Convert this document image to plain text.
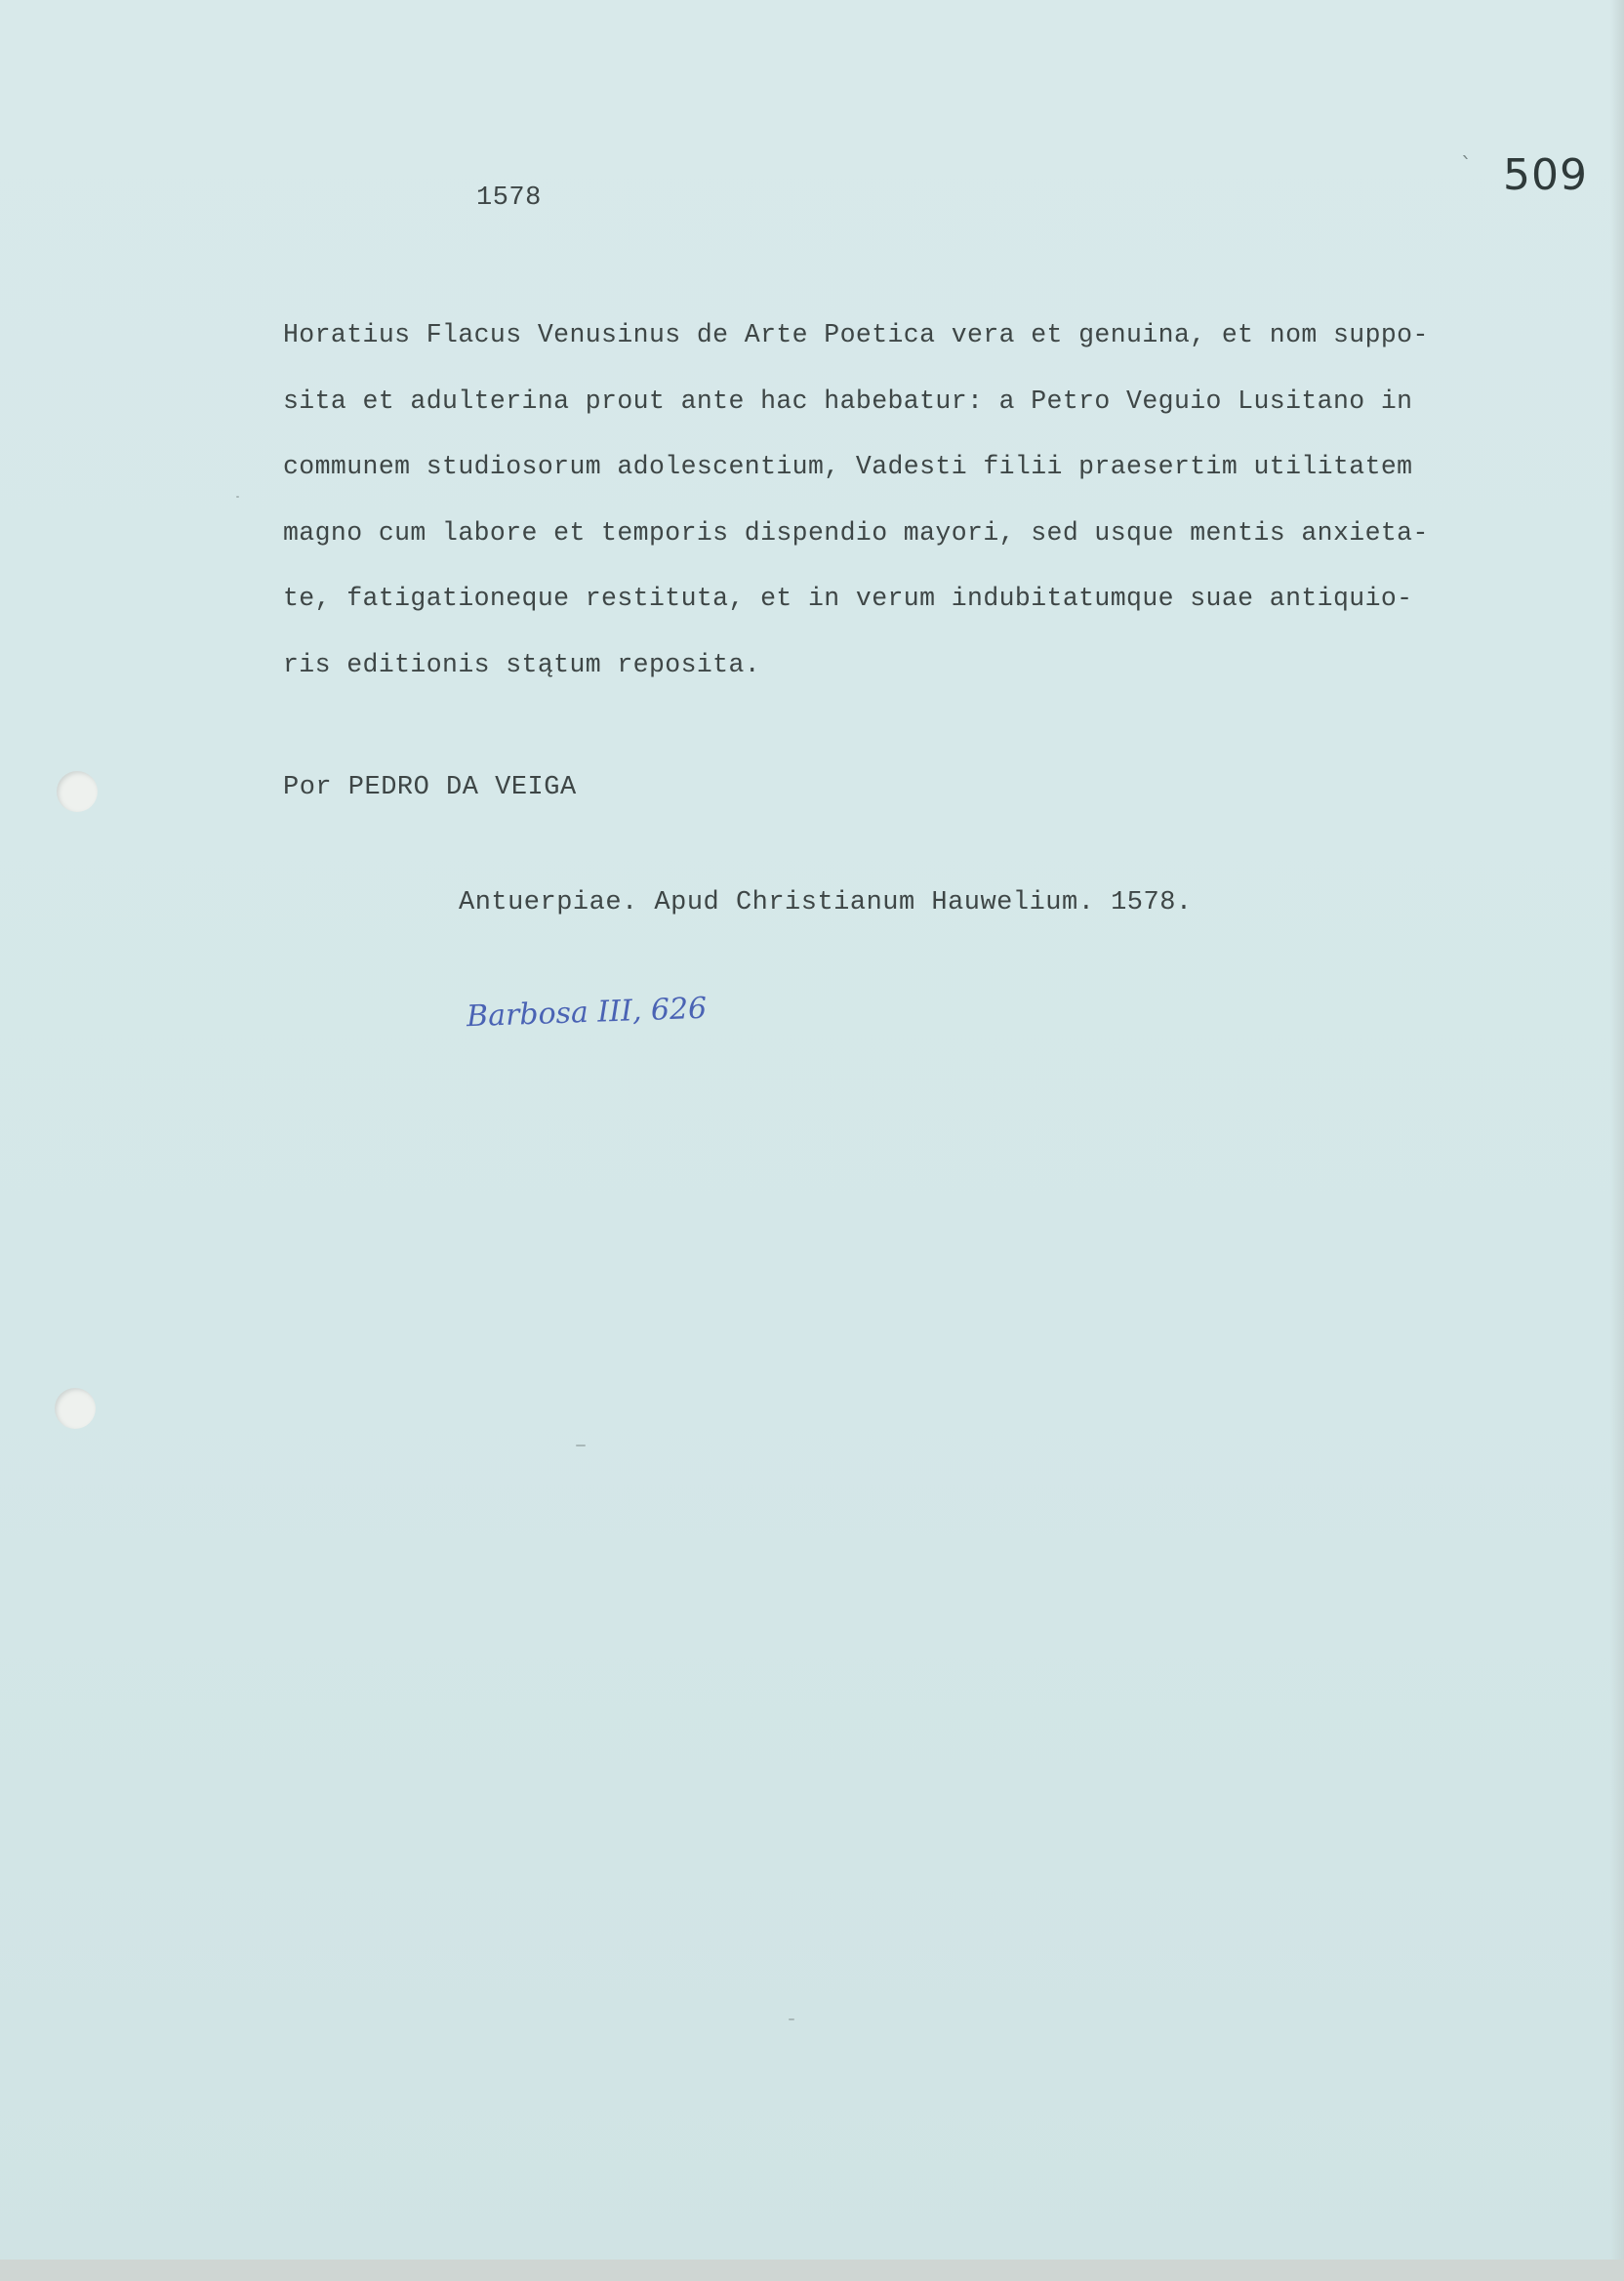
1578
` 509
Horatius Flacus Venusinus de Arte Poetica vera et genuina, et nom suppo-
sita et adulterina prout ante hac habebatur: a Petro Veguio Lusitano in
communem studiosorum adolescentium, Vadesti filii praesertim utilitatem
magno cum labore et temporis dispendio mayori, sed usque mentis anxieta-
te, fatigationeque restituta, et in verum indubitatumque suae antiquio-
ris editionis stątum reposita.
Por PEDRO DA VEIGA
Antuerpiae. Apud Christianum Hauwelium. 1578.
Barbosa III, 626
